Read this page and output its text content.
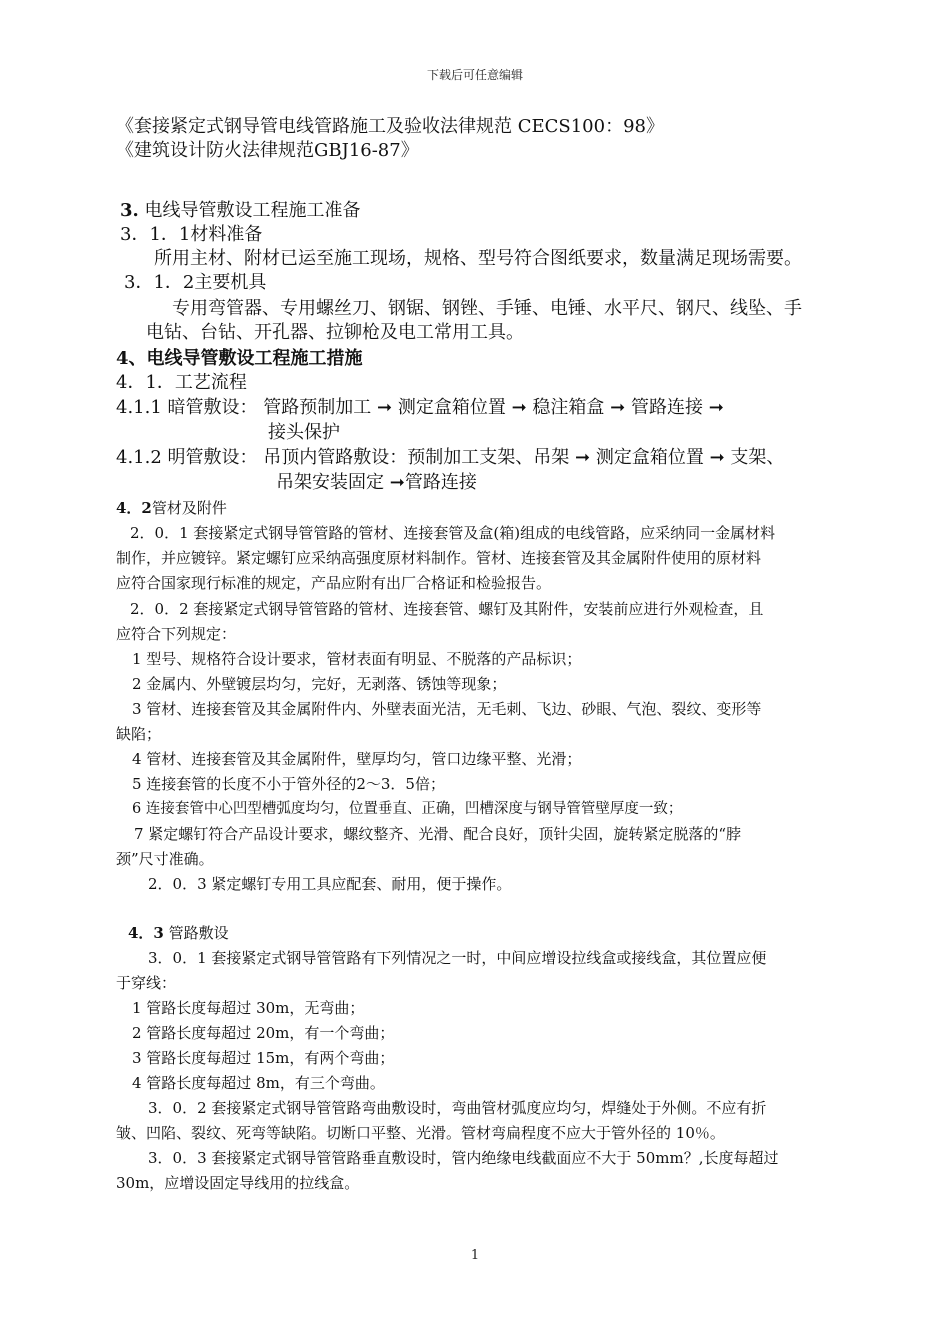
下载后可任意编辑
《套接紧定式钢导管电线管路施工及验收法律规范 CECS100：98》
《建筑设计防火法律规范GBJ16-87》
3. 电线导管敷设工程施工准备
3．1．1材料准备
所用主材、附材已运至施工现场，规格、型号符合图纸要求，数量满足现场需要。
3．1．2主要机具
专用弯管器、专用螺丝刀、钢锯、钢锉、手锤、电锤、水平尺、钢尺、线坠、手
电钻、台钻、开孔器、拉铆枪及电工常用工具。
4、电线导管敷设工程施工措施
4．1．工艺流程
4.1.1 暗管敷设： 管路预制加工 ➞ 测定盒箱位置 ➞ 稳注箱盒 ➞ 管路连接 ➞
接头保护
4.1.2 明管敷设： 吊顶内管路敷设：预制加工支架、吊架 ➞ 测定盒箱位置 ➞ 支架、
吊架安装固定 ➞管路连接
4．2管材及附件
2．0．1 套接紧定式钢导管管路的管材、连接套管及盒(箱)组成的电线管路，应采纳同一金属材料
制作，并应镀锌。紧定螺钉应采纳高强度原材料制作。管材、连接套管及其金属附件使用的原材料
应符合国家现行标准的规定，产品应附有出厂合格证和检验报告。
2．0．2 套接紧定式钢导管管路的管材、连接套管、螺钉及其附件，安装前应进行外观检查，且
应符合下列规定：
1 型号、规格符合设计要求，管材表面有明显、不脱落的产品标识；
2 金属内、外壁镀层均匀，完好，无剥落、锈蚀等现象；
3 管材、连接套管及其金属附件内、外壁表面光洁，无毛刺、飞边、砂眼、气泡、裂纹、变形等
缺陷；
4 管材、连接套管及其金属附件，壁厚均匀，管口边缘平整、光滑；
5 连接套管的长度不小于管外径的2～3．5倍；
6 连接套管中心凹型槽弧度均匀，位置垂直、正确，凹槽深度与钢导管管壁厚度一致；
7 紧定螺钉符合产品设计要求，螺纹整齐、光滑、配合良好，顶针尖固，旋转紧定脱落的“脖
颈”尺寸准确。
2．0．3 紧定螺钉专用工具应配套、耐用，便于操作。
4．3 管路敷设
3．0．1 套接紧定式钢导管管路有下列情况之一时，中间应增设拉线盒或接线盒，其位置应便
于穿线：
1 管路长度每超过 30m，无弯曲；
2 管路长度每超过 20m，有一个弯曲；
3 管路长度每超过 15m，有两个弯曲；
4 管路长度每超过 8m，有三个弯曲。
3．0．2 套接紧定式钢导管管路弯曲敷设时，弯曲管材弧度应均匀，焊缝处于外侧。不应有折
皱、凹陷、裂纹、死弯等缺陷。切断口平整、光滑。管材弯扁程度不应大于管外径的 10％。
3．0．3 套接紧定式钢导管管路垂直敷设时，管内绝缘电线截面应不大于 50mm？,长度每超过
30m，应增设固定导线用的拉线盒。
1
